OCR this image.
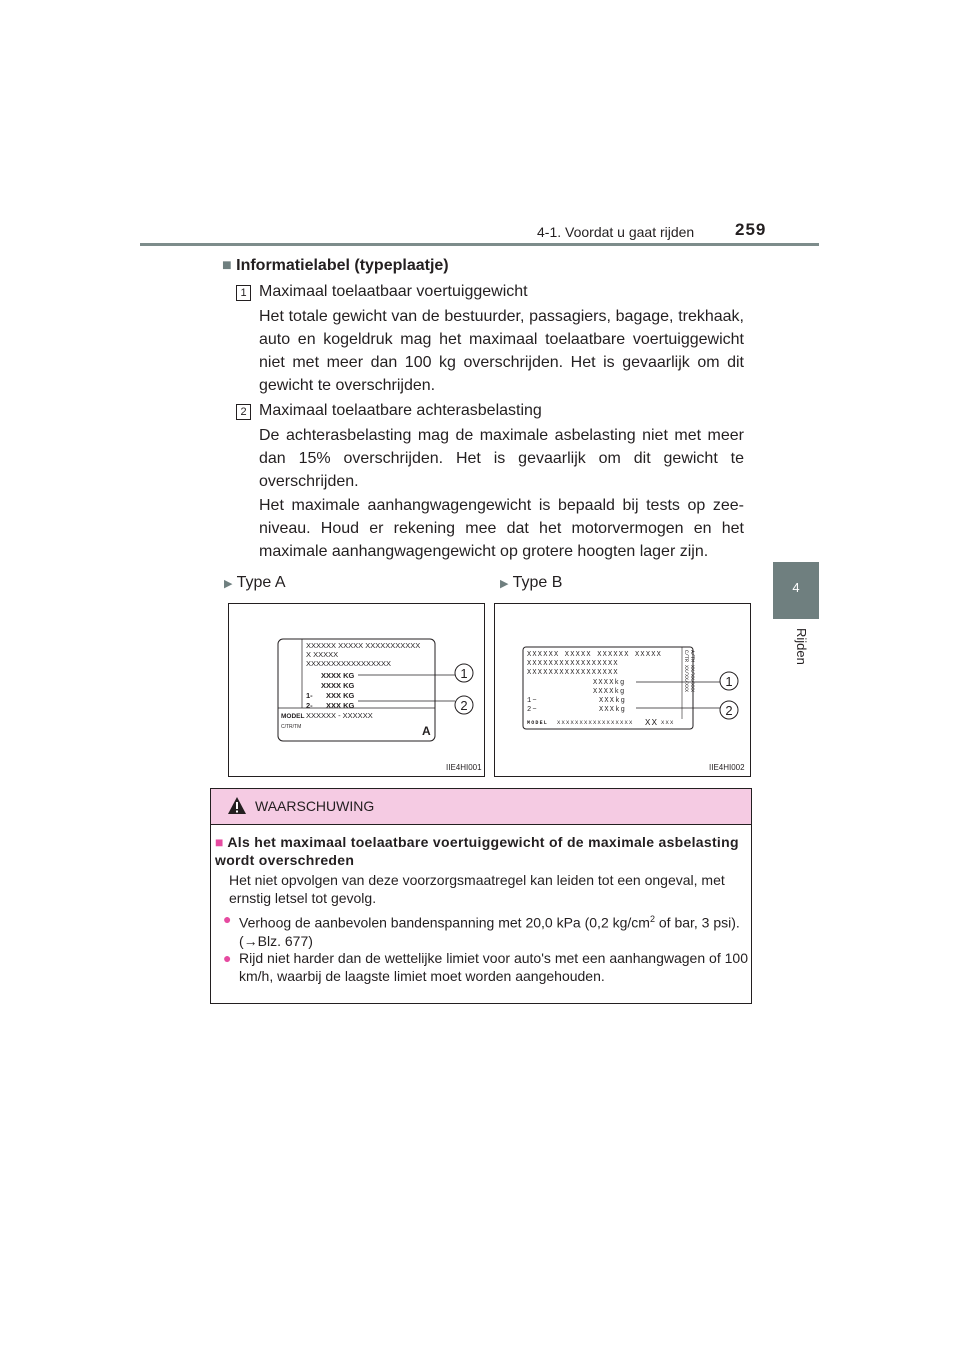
4-1. Voordat u gaat rijden 259
4
Rijden
■ Informatielabel (typeplaatje)
1 Maximaal toelaatbaar voertuiggewicht
Het totale gewicht van de bestuurder, passagiers, bagage, trekhaak, auto en kogeldruk mag het maximaal toelaatbare voertuiggewicht niet met meer dan 100 kg overschrijden. Het is gevaarlijk om dit gewicht te overschrijden.
2 Maximaal toelaatbare achterasbelasting
De achterasbelasting mag de maximale asbelasting niet met meer dan 15% overschrijden. Het is gevaarlijk om dit gewicht te overschrijden.
Het maximale aanhangwagengewicht is bepaald bij tests op zeeniveau. Houd er rekening mee dat het motorvermogen en het maximale aanhangwagengewicht op grotere hoogten lager zijn.
▶ Type A	▶ Type B
XXXXXX XXXXX XXXXXXXXXXX
X XXXXX
XXXXXXXXXXXXXXXXX
XXXX KG
XXXX KG
1- XXX KG
2- XXX KG
MODEL XXXXXX - XXXXXX
C/TR/TM	A
1
2
IIE4HI001
XXXXXX XXXXX XXXXXX XXXXX
XXXXXXXXXXXXXXXXX
XXXXXXXXXXXXXXXXX
XXXXkg
XXXXkg
1−	XXXkg
2−	XXXkg
MODEL XXXXXXXXXXXXXXXXX XX XXX
C/TR XX/XX/XXX A/TM XX/XX/XXX 1
2
IIE4HI002
WAARSCHUWING
■ Als het maximaal toelaatbare voertuiggewicht of de maximale asbelasting wordt overschreden
Het niet opvolgen van deze voorzorgsmaatregel kan leiden tot een ongeval, met ernstig letsel tot gevolg.
● Verhoog de aanbevolen bandenspanning met 20,0 kPa (0,2 $kg/cm^2$ of bar, 3 psi). (→Blz. 677)
● Rijd niet harder dan de wettelijke limiet voor auto's met een aanhangwagen of 100 km/h, waarbij de laagste limiet moet worden aangehouden.
